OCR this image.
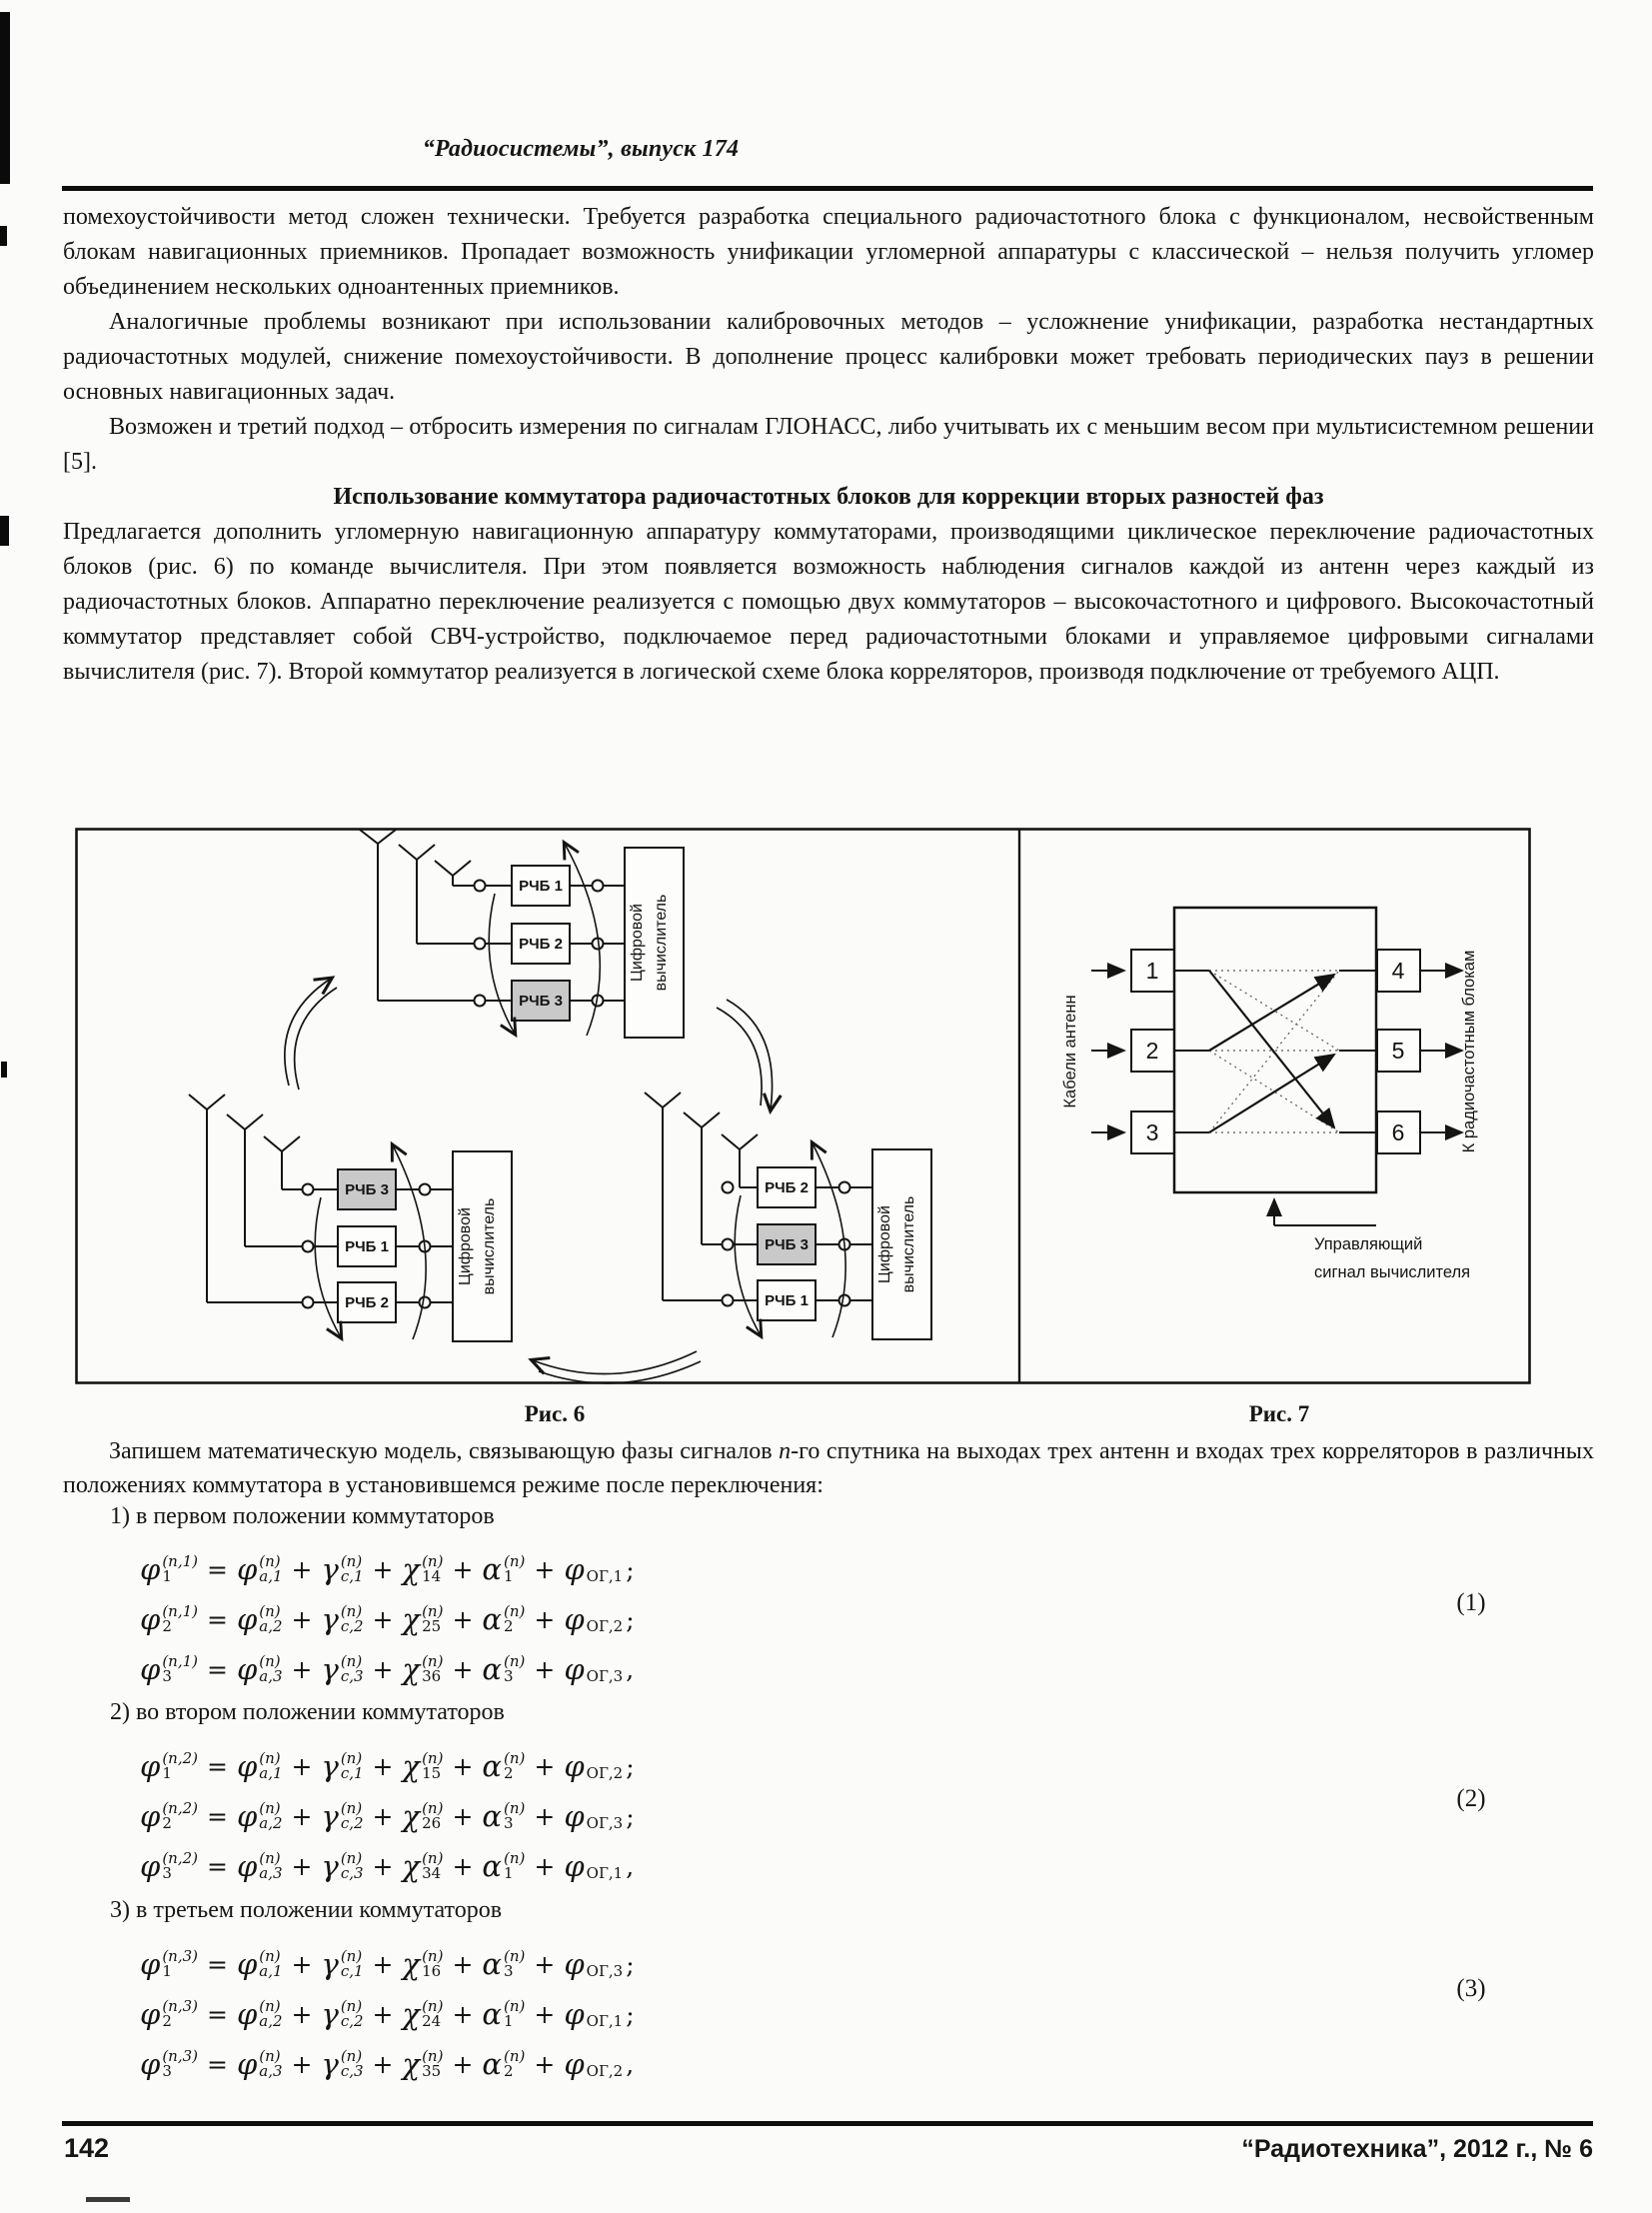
“Радиосистемы”, выпуск 174

помехоустойчивости метод сложен технически. Требуется разработка специального радиочастотного блока с функционалом, несвойственным блокам навигационных приемников. Пропадает возможность унификации угломерной аппаратуры с классической – нельзя получить угломер объединением нескольких одноантенных приемников.

Аналогичные проблемы возникают при использовании калибровочных методов – усложнение унификации, разработка нестандартных радиочастотных модулей, снижение помехоустойчивости. В дополнение процесс калибровки может требовать периодических пауз в решении основных навигационных задач.

Возможен и третий подход – отбросить измерения по сигналам ГЛОНАСС, либо учитывать их с меньшим весом при мультисистемном решении [5].

Использование коммутатора радиочастотных блоков для коррекции вторых разностей фаз

Предлагается дополнить угломерную навигационную аппаратуру коммутаторами, производящими циклическое переключение радиочастотных блоков (рис. 6) по команде вычислителя. При этом появляется возможность наблюдения сигналов каждой из антенн через каждый из радиочастотных блоков. Аппаратно переключение реализуется с помощью двух коммутаторов – высокочастотного и цифрового. Высокочастотный коммутатор представляет собой СВЧ-устройство, подключаемое перед радиочастотными блоками и управляемое цифровыми сигналами вычислителя (рис. 7). Второй коммутатор реализуется в логической схеме блока корреляторов, производя подключение от требуемого АЦП.

РЧБ 1
РЧБ 2
РЧБ 3
Цифровой вычислитель
РЧБ 3
РЧБ 1
РЧБ 2
Цифровой вычислитель
РЧБ 2
РЧБ 3
РЧБ 1
Цифровой вычислитель
Кабели антенн	К радиочастотным блокам
Управляющий
сигнал вычислителя
1
2
3
4
5
6
Рис. 6	Рис. 7
Запишем математическую модель, связывающую фазы сигналов n-го спутника на выходах трех антенн и входах трех корреляторов в различных положениях коммутатора в установившемся режиме после переключения:
1) в первом положении коммутаторов
2) во втором положении коммутаторов
3) в третьем положении коммутаторов
φ (n,1)
1	= φ (n)
a,1 + γ (n)
c,1 + χ (n)
14 + α (n)
1 + φ
ОГ,1 ;
φ (n,1)
2	= φ (n)
a,2 + γ (n)
c,2 + χ (n)
25 + α (n)
2 + φ
ОГ,2 ;
φ (n,1)
3	= φ (n)
a,3 + γ (n)
c,3 + χ (n)
36 + α (n)
3 + φ
ОГ,3 ,
φ (n,2)
1	= φ (n)
a,1 + γ (n)
c,1 + χ (n)
15 + α (n)
2 + φ
ОГ,2 ;
φ (n,2)
2	= φ (n)
a,2 + γ (n)
c,2 + χ (n)
26 + α (n)
3 + φ
ОГ,3 ;
φ (n,2)
3	= φ (n)
a,3 + γ (n)
c,3 + χ (n)
34 + α (n)
1 + φ
ОГ,1 ,
φ (n,3)
1	= φ (n)
a,1 + γ (n)
c,1 + χ (n)
16 + α (n)
3 + φ
ОГ,3 ;
φ (n,3)
2	= φ (n)
a,2 + γ (n)
c,2 + χ (n)
24 + α (n)
1 + φ
ОГ,1 ;
φ (n,3)
3	= φ (n)
a,3 + γ (n)
c,3 + χ (n)
35 + α (n)
2 + φ
ОГ,2 ,
(1)
(2)
(3)
142	“Радиотехника”, 2012 г., № 6
